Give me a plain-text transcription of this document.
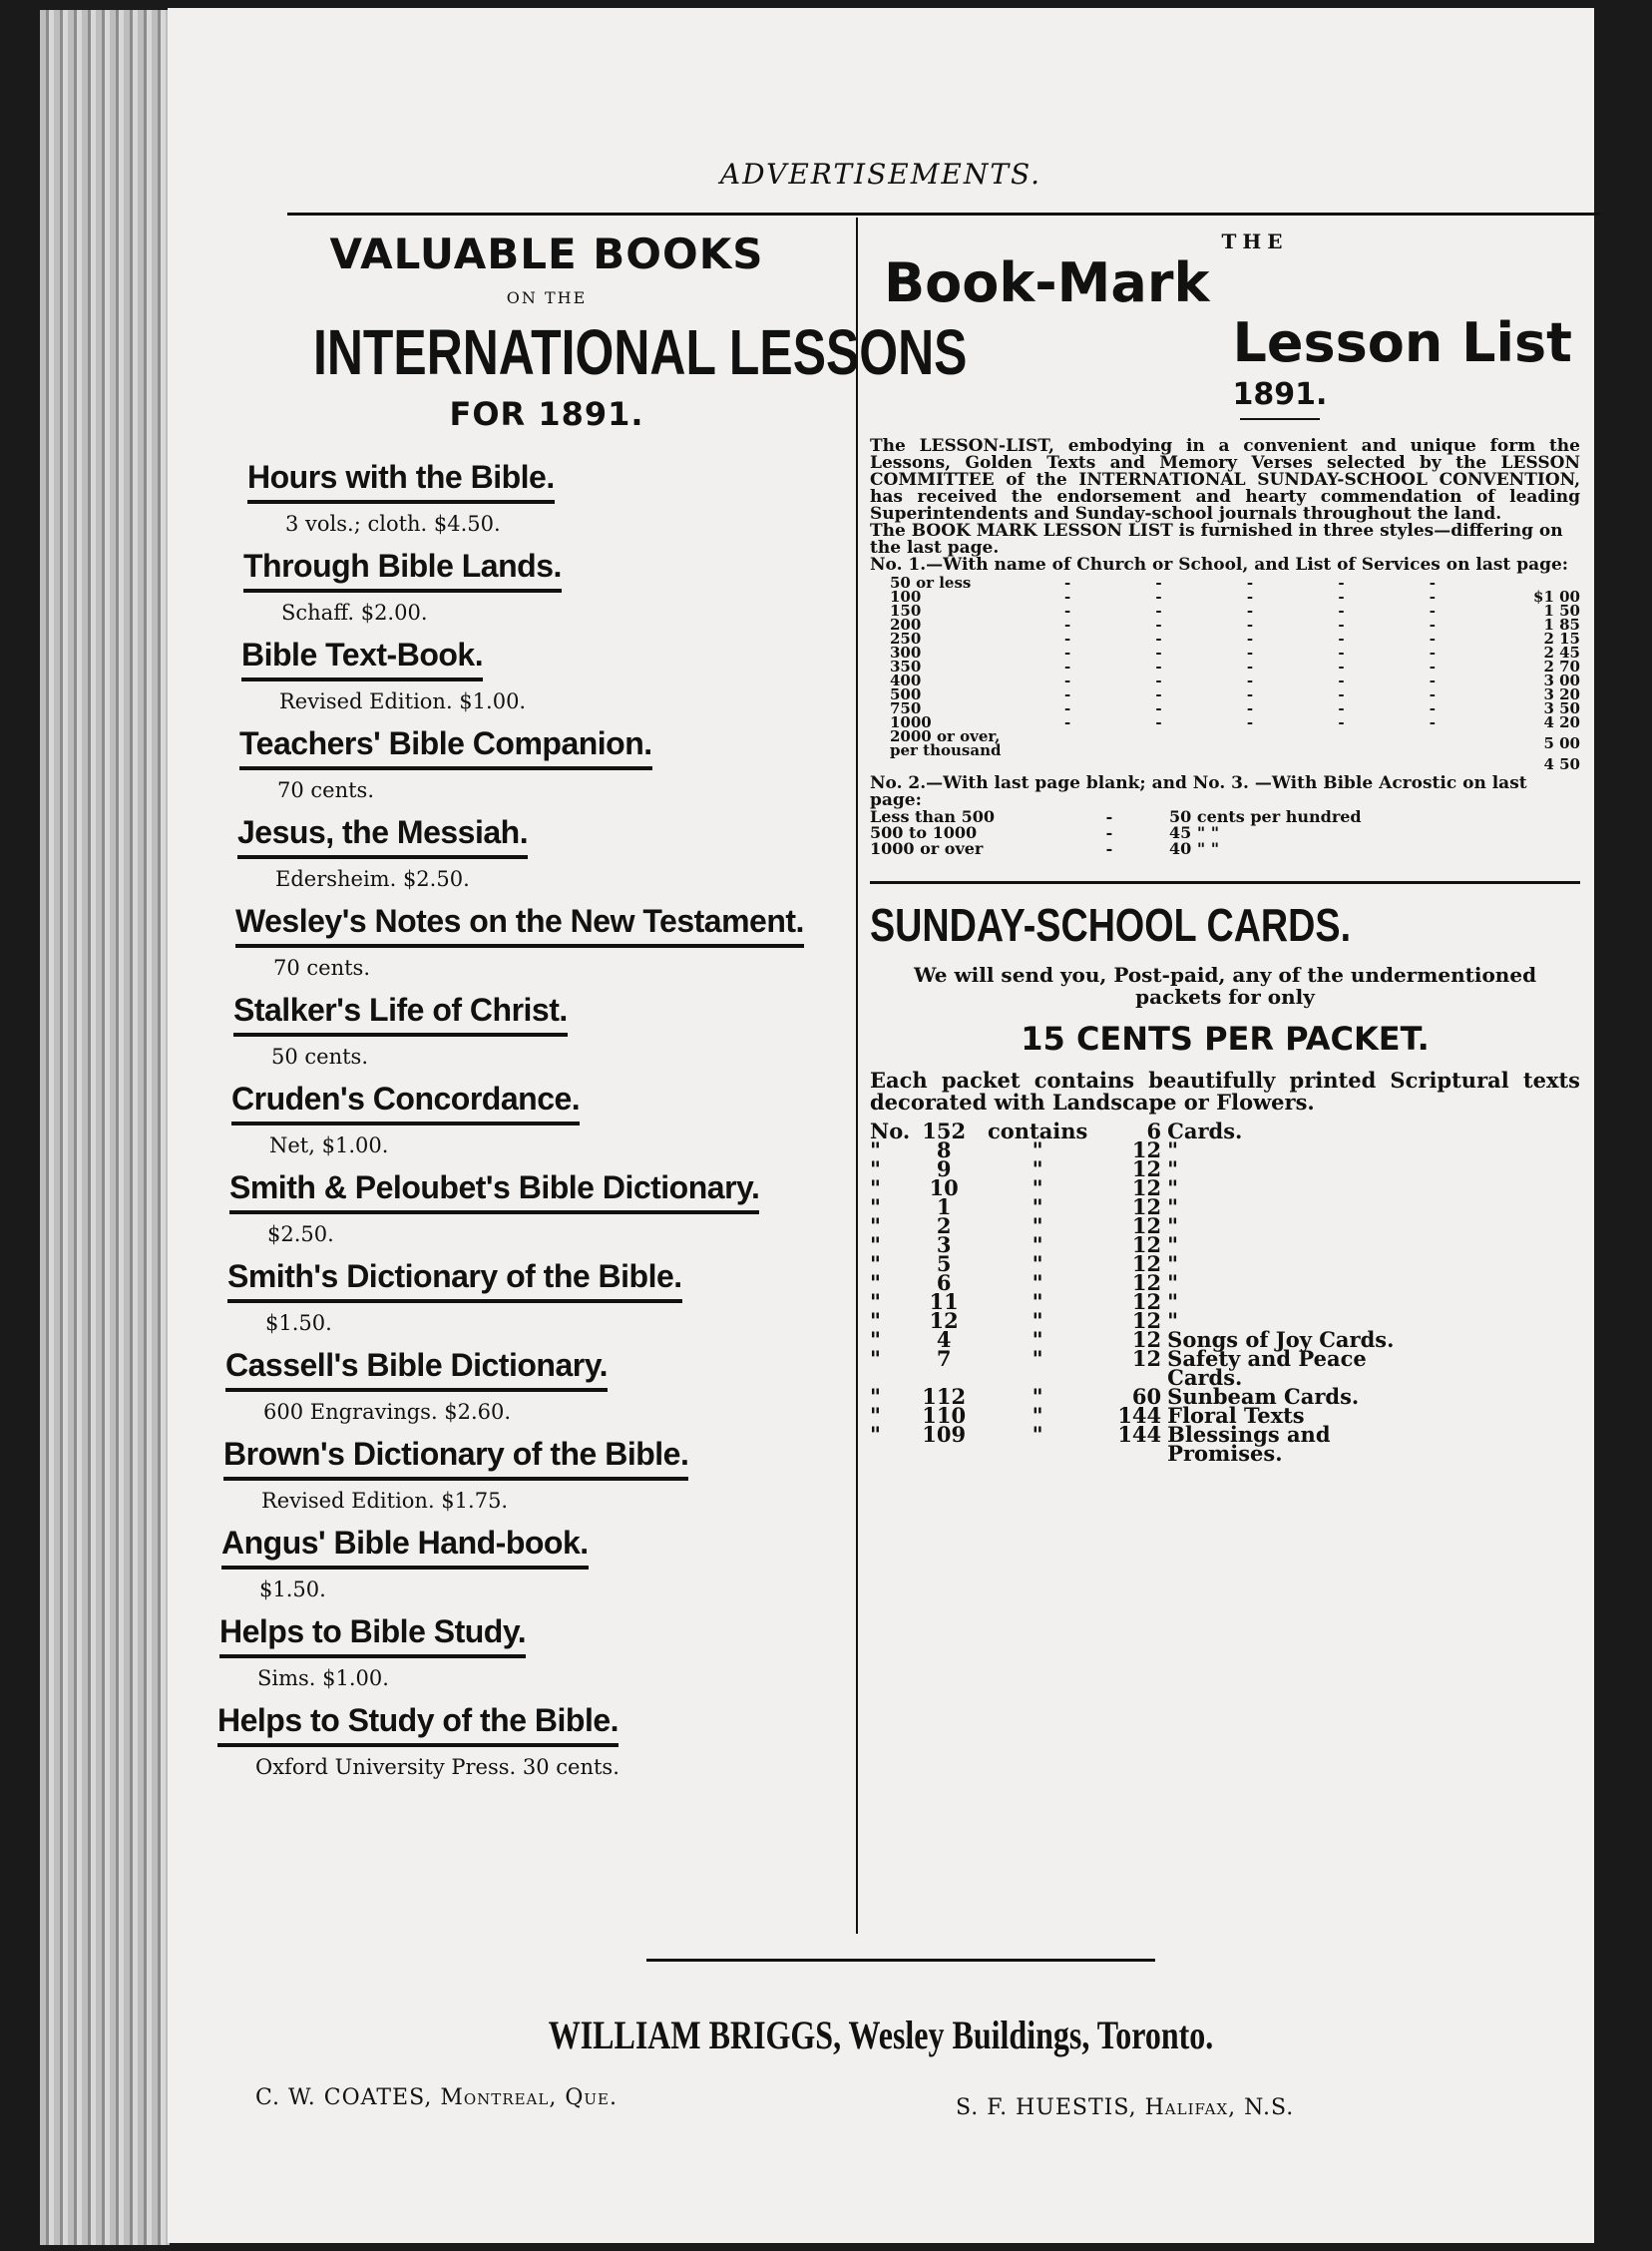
ADVERTISEMENTS.
VALUABLE BOOKS
ON THE
INTERNATIONAL LESSONS
FOR 1891.
Hours with the Bible.
3 vols.; cloth. $4.50.
Through Bible Lands.
Schaff. $2.00.
Bible Text-Book.
Revised Edition. $1.00.
Teachers' Bible Companion.
70 cents.
Jesus, the Messiah.
Edersheim. $2.50.
Wesley's Notes on the New Testament.
70 cents.
Stalker's Life of Christ.
50 cents.
Cruden's Concordance.
Net, $1.00.
Smith & Peloubet's Bible Dictionary.
$2.50.
Smith's Dictionary of the Bible.
$1.50.
Cassell's Bible Dictionary.
600 Engravings. $2.60.
Brown's Dictionary of the Bible.
Revised Edition. $1.75.
Angus' Bible Hand-book.
$1.50.
Helps to Bible Study.
Sims. $1.00.
Helps to Study of the Bible.
Oxford University Press. 30 cents.
THE
Book-Mark
Lesson List
1891.
The LESSON-LIST, embodying in a convenient and unique form the Lessons, Golden Texts and Memory Verses selected by the LESSON COMMITTEE of the INTERNATIONAL SUNDAY-SCHOOL CONVENTION, has received the endorsement and hearty commendation of leading Superintendents and Sunday-school journals throughout the land.
The BOOK MARK LESSON LIST is furnished in three styles—differing on the last page.
No. 1.—With name of Church or School, and List of Services on last page:
50 or less	- - - - -	
100	- - - - -	$1 00
150	- - - - -	1 50
200	- - - - -	1 85
250	- - - - -	2 15
300	- - - - -	2 45
350	- - - - -	2 70
400	- - - - -	3 00
500	- - - - -	3 20
750	- - - - -	3 50
1000	- - - - -	4 20
2000 or over, per thousand		5 00
		4 50
No. 2.—With last page blank; and No. 3. —With Bible Acrostic on last page:
Less than 500	-	50 cents per hundred
500 to 1000	-	45 " "
1000 or over	-	40 " "
SUNDAY-SCHOOL CARDS.
We will send you, Post-paid, any of the undermentioned packets for only
15 CENTS PER PACKET.
Each packet contains beautifully printed Scriptural texts decorated with Landscape or Flowers.
No.	152	contains	6	Cards.
"	8	"	12	"
"	9	"	12	"
"	10	"	12	"
"	1	"	12	"
"	2	"	12	"
"	3	"	12	"
"	5	"	12	"
"	6	"	12	"
"	11	"	12	"
"	12	"	12	"
"	4	"	12	Songs of Joy Cards.
"	7	"	12	Safety and Peace Cards.
"	112	"	60	Sunbeam Cards.
"	110	"	144	Floral Texts
"	109	"	144	Blessings and Promises.
WILLIAM BRIGGS, Wesley Buildings, Toronto.
C. W. COATES, Montreal, Que.	S. F. HUESTIS, Halifax, N.S.
